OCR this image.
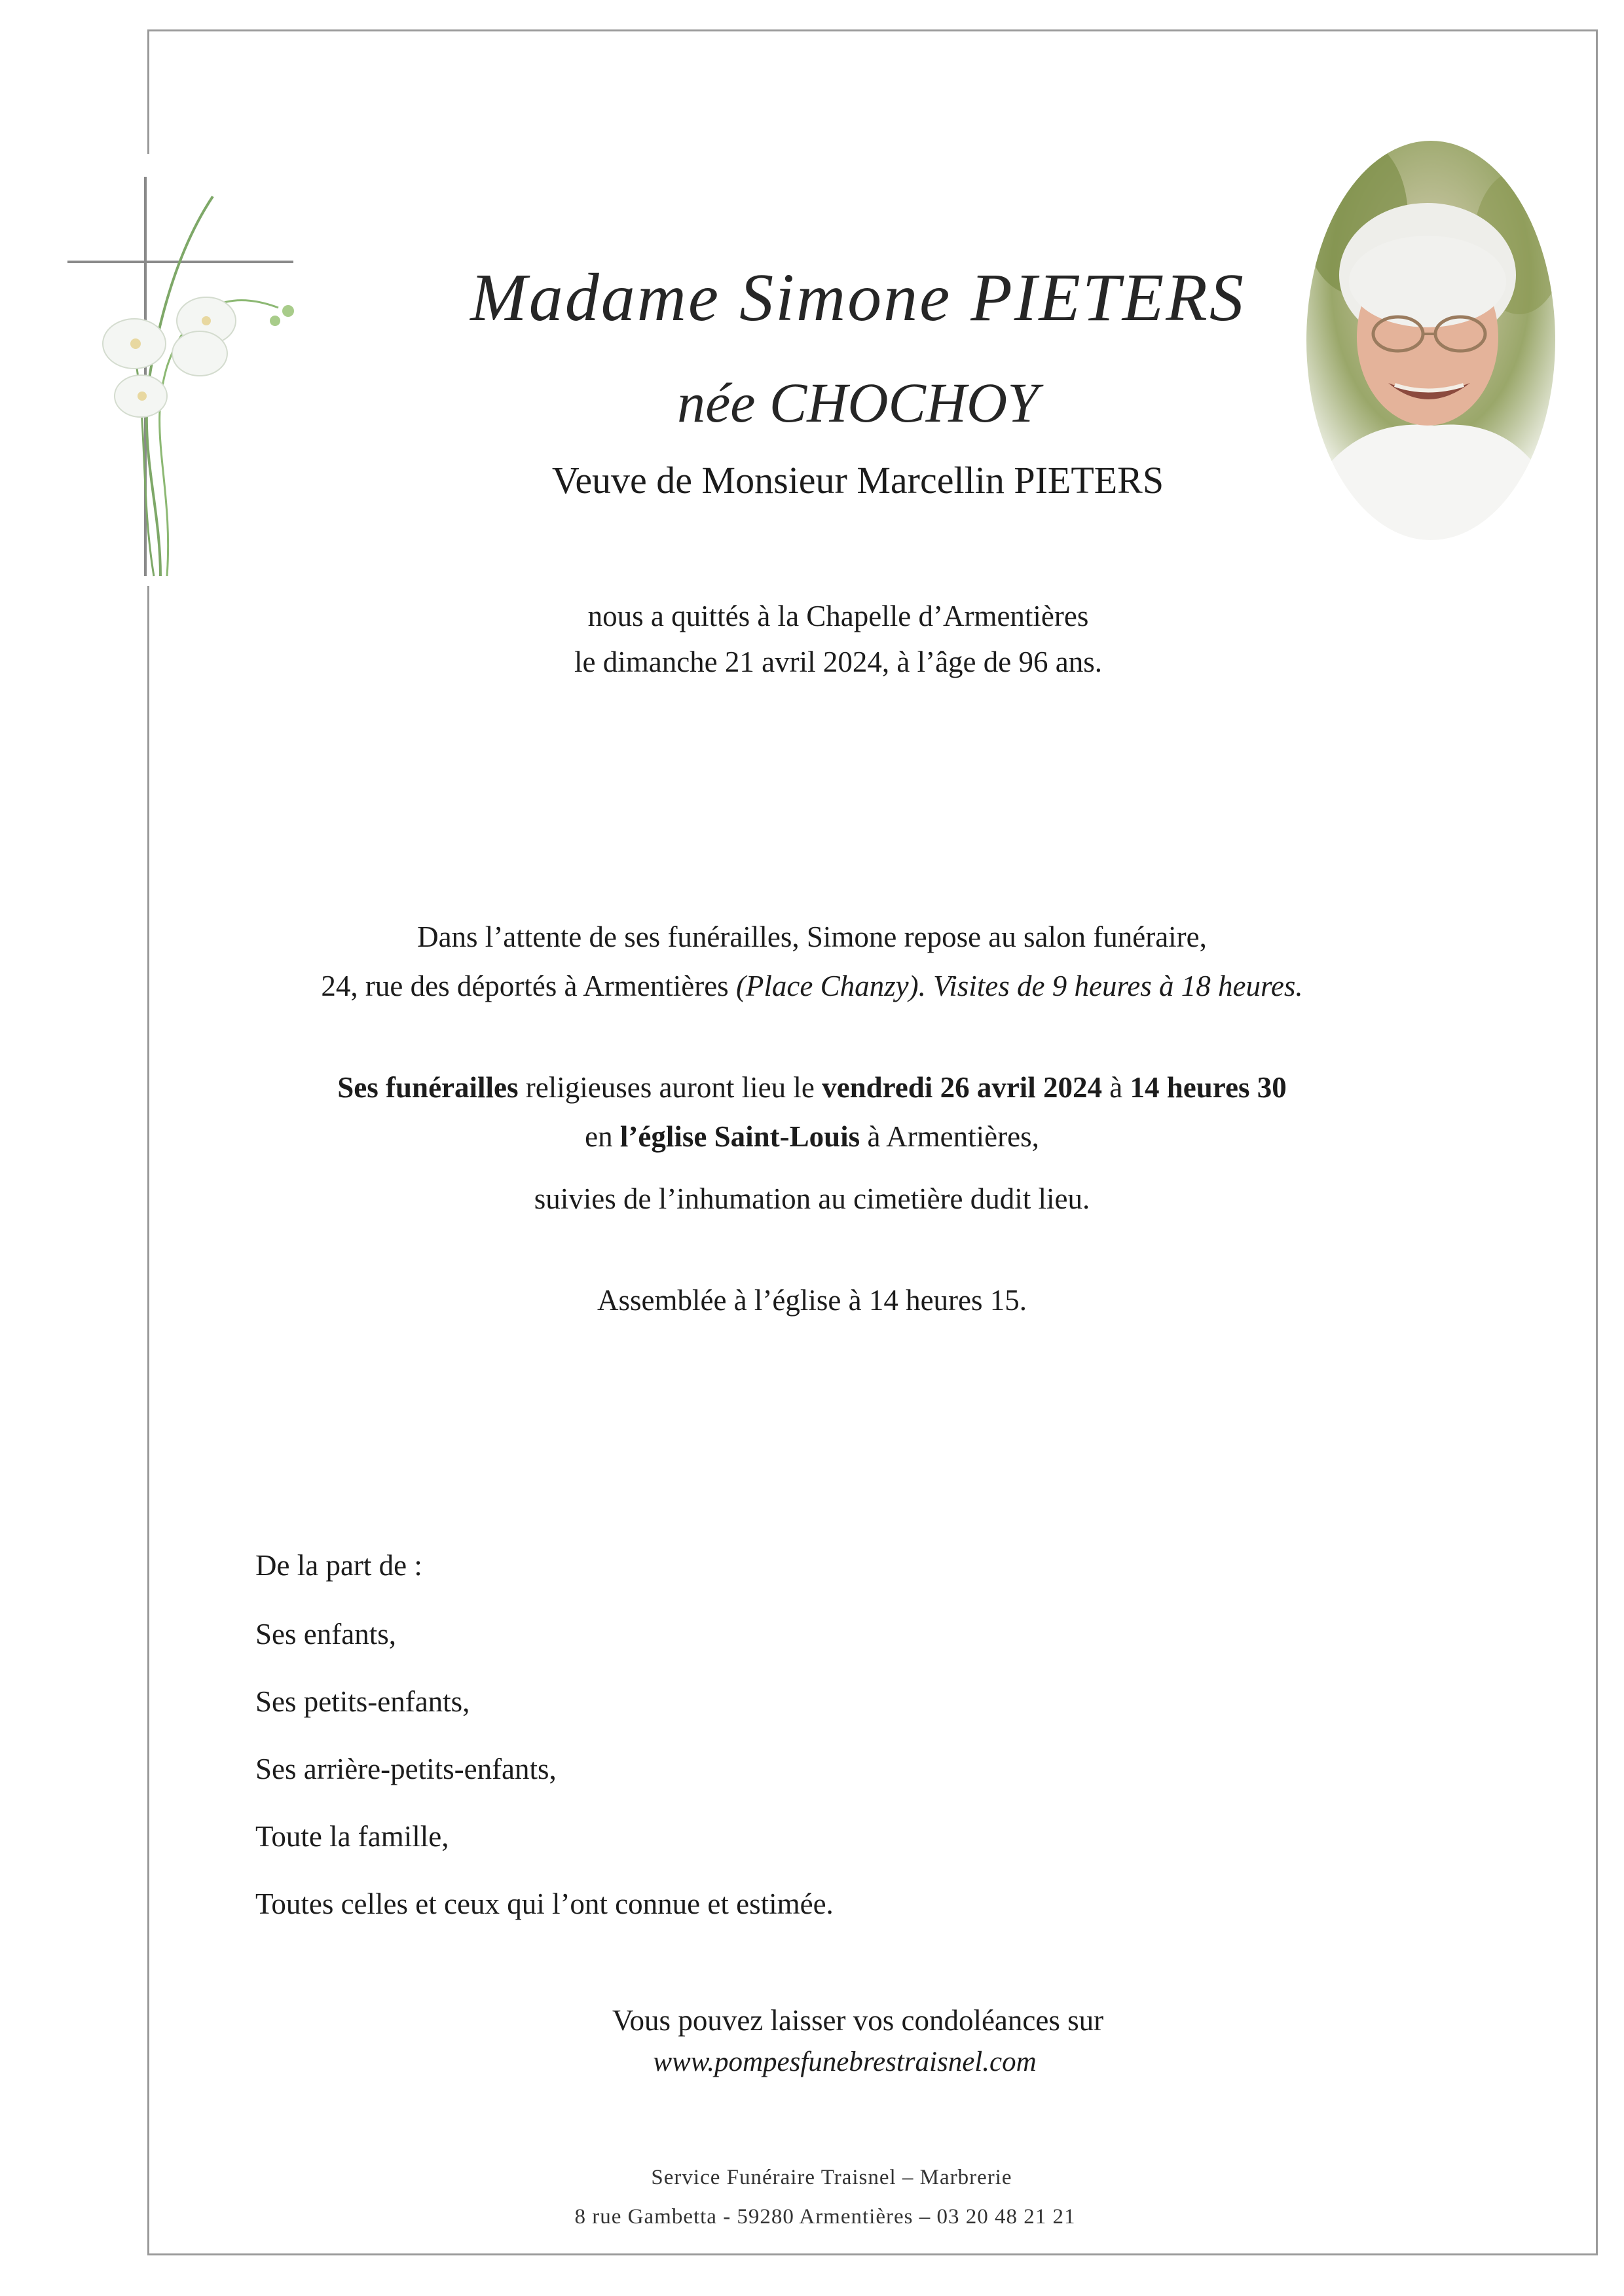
Madame Simone PIETERS
née CHOCHOY
Veuve de Monsieur Marcellin PIETERS
nous a quittés à la Chapelle d’Armentières
le dimanche 21 avril 2024, à l’âge de 96 ans.
Dans l’attente de ses funérailles, Simone repose au salon funéraire,
24, rue des déportés à Armentières (Place Chanzy). Visites de 9 heures à 18 heures.
Ses funérailles religieuses auront lieu le vendredi 26 avril 2024 à 14 heures 30
en l’église Saint-Louis à Armentières,
suivies de l’inhumation au cimetière dudit lieu.
Assemblée à l’église à 14 heures 15.
De la part de :
Ses enfants,
Ses petits-enfants,
Ses arrière-petits-enfants,
Toute la famille,
Toutes celles et ceux qui l’ont connue et estimée.
Vous pouvez laisser vos condoléances sur
www.pompesfunebrestraisnel.com
Service Funéraire Traisnel – Marbrerie
8 rue Gambetta - 59280 Armentières – 03 20 48 21 21
